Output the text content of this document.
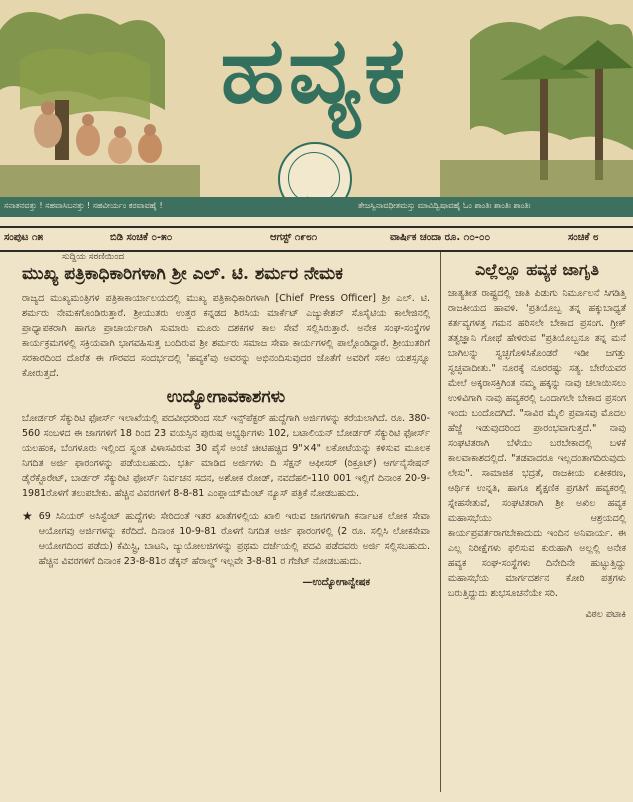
ಹವ್ಯಕ
ಸನಾತನವತ್ತು ! ಸಹವಾಸಿಬನತ್ತು ! ಸಹವೀರ್ಯಂ ಕರವಾವಹೈ !	ತೇಜಸ್ವಿನಾವಧೀತಮಸ್ತು ಮಾವಿದ್ವಿಷಾವಹೈ ಓಂ ಶಾಂತಿಃ ಶಾಂತಿಃ ಶಾಂತಿಃ
ಸಂಪುಟ ೧೫	ಬಿಡಿ ಸಂಚಿಕೆ ೦-೫೦	ಆಗಸ್ಟ್ ೧೯೮೧	ವಾರ್ಷಿಕ ಚಂದಾ ರೂ. ೧೦-೦೦	ಸಂಚಿಕೆ ೮

ಸುದ್ದಿಯ ಸರಣಿಯಿಂದ

ಮುಖ್ಯ ಪತ್ರಿಕಾಧಿಕಾರಿಗಳಾಗಿ ಶ್ರೀ ಎಲ್. ಟಿ. ಶರ್ಮರ ನೇಮಕ

ರಾಜ್ಯದ ಮುಖ್ಯಮಂತ್ರಿಗಳ ಪತ್ರಿಕಾಕಾರ್ಯಾಲಯದಲ್ಲಿ ಮುಖ್ಯ ಪತ್ರಿಕಾಧಿಕಾರಿಗಳಾಗಿ [Chief Press Officer] ಶ್ರೀ ಎಲ್. ಟಿ. ಶರ್ಮರು ನೇಮಕಗೊಂಡಿರುತ್ತಾರೆ. ಶ್ರೀಯುತರು ಉತ್ತರ ಕನ್ನಡದ ಶಿರಸಿಯ ಮಾರ್ಕೆಟ್ ಎಜ್ಯುಕೇಶನ್ ಸೊಸೈಟಿಯ ಕಾಲೇಜಿನಲ್ಲಿ ಪ್ರಾಧ್ಯಾಪಕರಾಗಿ ಹಾಗೂ ಪ್ರಾಚಾರ್ಯರಾಗಿ ಸುಮಾರು ಮೂರು ದಶಕಗಳ ಕಾಲ ಸೇವೆ ಸಲ್ಲಿಸಿರುತ್ತಾರೆ. ಅನೇಕ ಸಂಘ-ಸಂಸ್ಥೆಗಳ ಕಾರ್ಯಕ್ರಮಗಳಲ್ಲಿ ಸಕ್ರಿಯವಾಗಿ ಭಾಗವಹಿಸುತ್ತ ಬಂದಿರುವ ಶ್ರೀ ಶರ್ಮರು ಸಮಾಜ ಸೇವಾ ಕಾರ್ಯಗಳಲ್ಲಿ ಪಾಲ್ಗೊಂಡಿದ್ದಾರೆ. ಶ್ರೀಯುತರಿಗೆ ಸರಕಾರದಿಂದ ದೊರೆತ ಈ ಗೌರವದ ಸಂದರ್ಭದಲ್ಲಿ 'ಹವ್ಯಕ'ವು ಅವರನ್ನು ಅಭಿನಂದಿಸುವುದರ ಜೊತೆಗೆ ಅವರಿಗೆ ಸಕಲ ಯಶಸ್ಸನ್ನೂ ಕೋರುತ್ತದೆ.

ಉದ್ಯೋಗಾವಕಾಶಗಳು

ಬೋರ್ಡರ್ ಸೆಕ್ಯುರಿಟಿ ಫೋರ್ಸ್ ಇಲಾಖೆಯಲ್ಲಿ ಪದವೀಧರರಿಂದ ಸಬ್ ಇನ್ಸ್‌ಪೆಕ್ಟರ್ ಹುದ್ದೆಗಾಗಿ ಅರ್ಜಿಗಳನ್ನು ಕರೆಯಲಾಗಿದೆ. ರೂ. 380-560 ಸಂಬಳದ ಈ ಜಾಗಗಳಿಗೆ 18 ರಿಂದ 23 ವಯಸ್ಸಿನ ಪುರುಷ ಅಭ್ಯರ್ಥಿಗಳು 102, ಬಟಾಲಿಯನ್ ಬೋರ್ಡರ್ ಸೆಕ್ಯುರಿಟಿ ಫೋರ್ಸ್ ಯಲಹಂಕ, ಬೆಂಗಳೂರು ಇಲ್ಲಿಂದ ಸ್ವಂತ ವಿಳಾಸವಿರುವ 30 ಪೈಸೆ ಅಂಚೆ ಚೀಟಿಹಚ್ಚಿದ 9"×4" ಲಕೋಟೆಯನ್ನು ಕಳಿಸುವ ಮೂಲಕ ನಿಗದಿತ ಅರ್ಜಿ ಫಾರಂಗಳನ್ನು ಪಡೆಯಬಹುದು. ಭರ್ತಿ ಮಾಡಿದ ಅರ್ಜಿಗಳು ದಿ ಸೆಕ್ಷನ್ ಆಫೀಸರ್ (ರಿಕ್ರೂಟ್) ಆರ್ಗನೈಸೇಷನ್ ಡೈರೆಕ್ಟೊರೇಟ್, ಬಾರ್ಡರ್ ಸೆಕ್ಯುರಿಟಿ ಫೋರ್ಸ್ ನಿರ್ವಚನ ಸದನ, ಅಶೋಕ ರೋಡ್, ನವದೆಹಲಿ-110 001 ಇಲ್ಲಿಗೆ ದಿನಾಂಕ 20-9-1981ರೊಳಗೆ ತಲುಪಬೇಕು. ಹೆಚ್ಚಿನ ವಿವರಗಳಿಗೆ 8-8-81 ಎಂಪ್ಲಾಯ್‌ಮೆಂಟ್ ನ್ಯೂಸ್ ಪತ್ರಿಕೆ ನೋಡಬಹುದು.

★ 69 ಸಿನಿಯರ್ ಅಸಿಸ್ಟೆಂಟ್ ಹುದ್ದೆಗಳು ಸೇರಿದಂತೆ ಇತರ ಖಾತೆಗಳಲ್ಲಿಯ ಖಾಲಿ ಇರುವ ಜಾಗಗಳಿಗಾಗಿ ಕರ್ನಾಟಕ ಲೋಕ ಸೇವಾ ಆಯೋಗವು ಅರ್ಜಿಗಳನ್ನು ಕರೆದಿದೆ. ದಿನಾಂಕ 10-9-81 ರೊಳಗೆ ನಿಗದಿತ ಅರ್ಜಿ ಫಾರಂಗಳಲ್ಲಿ (2 ರೂ. ಸಲ್ಲಿಸಿ ಲೋಕಸೇವಾ ಆಯೋಗದಿಂದ ಪಡೆದು) ಕೆಮಿಸ್ಟ್ರಿ, ಬಾಟನಿ, ಜ್ಯುಯೋಲಜಿಗಳನ್ನು ಪ್ರಥಮ ದರ್ಜೆಯಲ್ಲಿ ಪದವಿ ಪಡೆದವರು ಅರ್ಜಿ ಸಲ್ಲಿಸಬಹುದು. ಹೆಚ್ಚಿನ ವಿವರಗಳಿಗೆ ದಿನಾಂಕ 23-8-81ರ ಡೆಕ್ಕನ್ ಹೆರಾಲ್ಡ್ ಇಲ್ಲವೇ 3-8-81 ರ ಗೆಜೆಟ್ ನೋಡಬಹುದು.

—ಉದ್ಯೋಗಾನ್ವೇಷಕ
ಎಲ್ಲೆಲ್ಲೂ ಹವ್ಯಕ ಜಾಗೃತಿ

ಜಾತ್ಯತೀತ ರಾಷ್ಟ್ರದಲ್ಲಿ ಜಾತಿ ಪಿಡುಗು ನಿರ್ಮೂಲನೆ ಸಿಗಡಿತ್ತಿ ರಾಜಕೀಯದ ಹಾವಳಿ. 'ಪ್ರತಿಯೊಬ್ಬ ತನ್ನ ಹಕ್ಕುಬಾಧ್ಯತೆ ಕರ್ತವ್ಯಗಳತ್ತ ಗಮನ ಹರಿಸಲೇ ಬೇಕಾದ ಪ್ರಸಂಗ. ಗ್ರೀಕ್ ತತ್ವಜ್ಞಾನಿ ಗೋಥೆ ಹೇಳಿರುವ "ಪ್ರತಿಯೊಬ್ಬನೂ ತನ್ನ ಮನೆ ಬಾಗಿಲನ್ನು ಸ್ವಚ್ಛಗೊಳಿಸಿಕೊಂಡರೆ ಇಡೀ ಜಗತ್ತು ಸ್ವಚ್ಛವಾದೀತು." ನೂರಕ್ಕೆ ನೂರರಷ್ಟು ಸತ್ಯ. ಬೇರೆಯವರ ಮೇಲೆ ಅಕ್ಕರಾಸಕ್ತಿಗಿಂತ ನಮ್ಮ ಹಕ್ಕನ್ನು ನಾವು ಚಲಾಯಿಸಲು ಉಳಿವಿಗಾಗಿ ನಾವು ಹವ್ಯಕರಲ್ಲಿ ಒಂದಾಗಲೇ ಬೇಕಾದ ಪ್ರಸಂಗ ಇಂದು ಬಂದೊದಗಿದೆ. "ಸಾವಿರ ಮೈಲಿ ಪ್ರವಾಸವು ಮೊದಲ ಹೆಜ್ಜೆ ಇಡುವುದರಿಂದ ಪ್ರಾರಂಭವಾಗುತ್ತದೆ." ನಾವು ಸಂಘಟಿತರಾಗಿ ಬೆಳೆಯು ಬರಬೇಕಾದಲ್ಲಿ ಬಳಕೆ ಕಾಲವಾಕಾಶದಲ್ಲಿದೆ. "ತಡವಾದರೂ ಇಲ್ಲದಂತಾಗದಿರುವುದು ಲೇಸು". ಸಾಮಾಜಿಕ ಭದ್ರತೆ, ರಾಜಕೀಯ ಏಕೀಕರಣ, ಆರ್ಥಿಕ ಉನ್ನತಿ, ಹಾಗೂ ಶೈಕ್ಷಣಿಕ ಪ್ರಗತಿಗೆ ಹವ್ಯಕರಲ್ಲಿ ಸ್ನೇಹಸೇತುವೆ, ಸಂಘಟಿತರಾಗಿ ಶ್ರೀ ಅಖಿಲ ಹವ್ಯಕ ಮಹಾಸಭೆಯು ಆಶ್ರಯದಲ್ಲಿ ಕಾರ್ಯಪ್ರವರ್ತರಾಗಬೇಕಾದುದು ಇಂದಿನ ಅನಿವಾರ್ಯ. ಈ ಎಲ್ಲ ನಿರೀಕ್ಷೆಗಳು ಫಲಿಸುವ ಕುರುಹಾಗಿ ಅಲ್ಲಲ್ಲಿ ಅನೇಕ ಹವ್ಯಕ ಸಂಘ-ಸಂಸ್ಥೆಗಳು ದಿನೇದಿನೇ ಹುಟ್ಟುತ್ತಿದ್ದು ಮಹಾಸಭೆಯ ಮಾರ್ಗದರ್ಶನ ಕೋರಿ ಪತ್ರಗಳು ಬರುತ್ತಿದ್ದುದು ಶುಭಸೂಚನೆಯೇ ಸರಿ.

ವಿಠಲ ಪಟಾಕಿ
